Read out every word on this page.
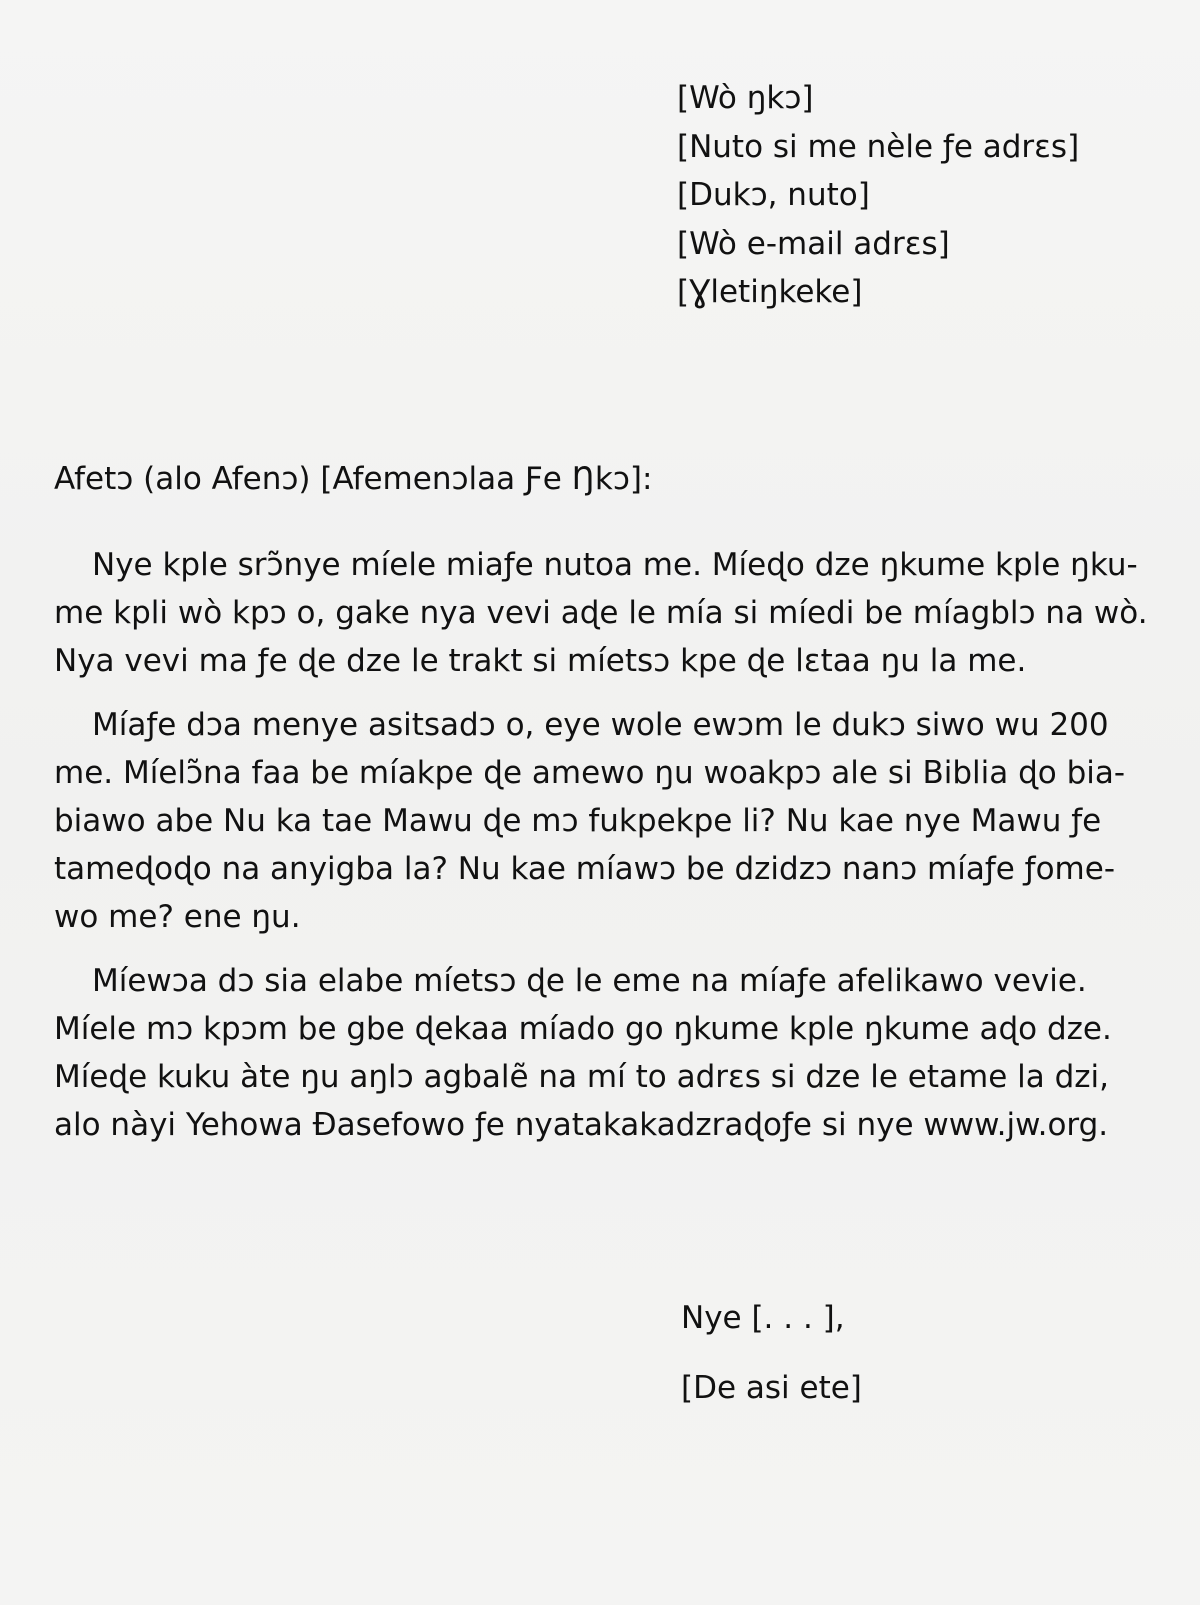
[Wò ŋkɔ]
[Nuto si me nèle ƒe adrɛs]
[Dukɔ, nuto]
[Wò e-mail adrɛs]
[Ɣletiŋkeke]
Afetɔ (alo Afenɔ) [Afemenɔlaa Ƒe Ŋkɔ]:
Nye kple srɔ̃nye míele miaƒe nutoa me. Míeɖo dze ŋkume kple ŋku-
me kpli wò kpɔ o, gake nya vevi aɖe le mía si míedi be míagblɔ na wò.
Nya vevi ma ƒe ɖe dze le trakt si míetsɔ kpe ɖe lɛtaa ŋu la me.
Míaƒe dɔa menye asitsadɔ o, eye wole ewɔm le dukɔ siwo wu 200
me. Míelɔ̃na faa be míakpe ɖe amewo ŋu woakpɔ ale si Biblia ɖo bia-
biawo abe Nu ka tae Mawu ɖe mɔ fukpekpe li? Nu kae nye Mawu ƒe
tameɖoɖo na anyigba la? Nu kae míawɔ be dzidzɔ nanɔ míaƒe ƒome-
wo me? ene ŋu.
Míewɔa dɔ sia elabe míetsɔ ɖe le eme na míaƒe afelikawo vevie.
Míele mɔ kpɔm be gbe ɖekaa míado go ŋkume kple ŋkume aɖo dze.
Míeɖe kuku àte ŋu aŋlɔ agbalẽ na mí to adrɛs si dze le etame la dzi,
alo nàyi Yehowa Ðasefowo ƒe nyatakakadzraɖoƒe si nye www.jw.org.
Nye [. . . ],
[De asi ete]
